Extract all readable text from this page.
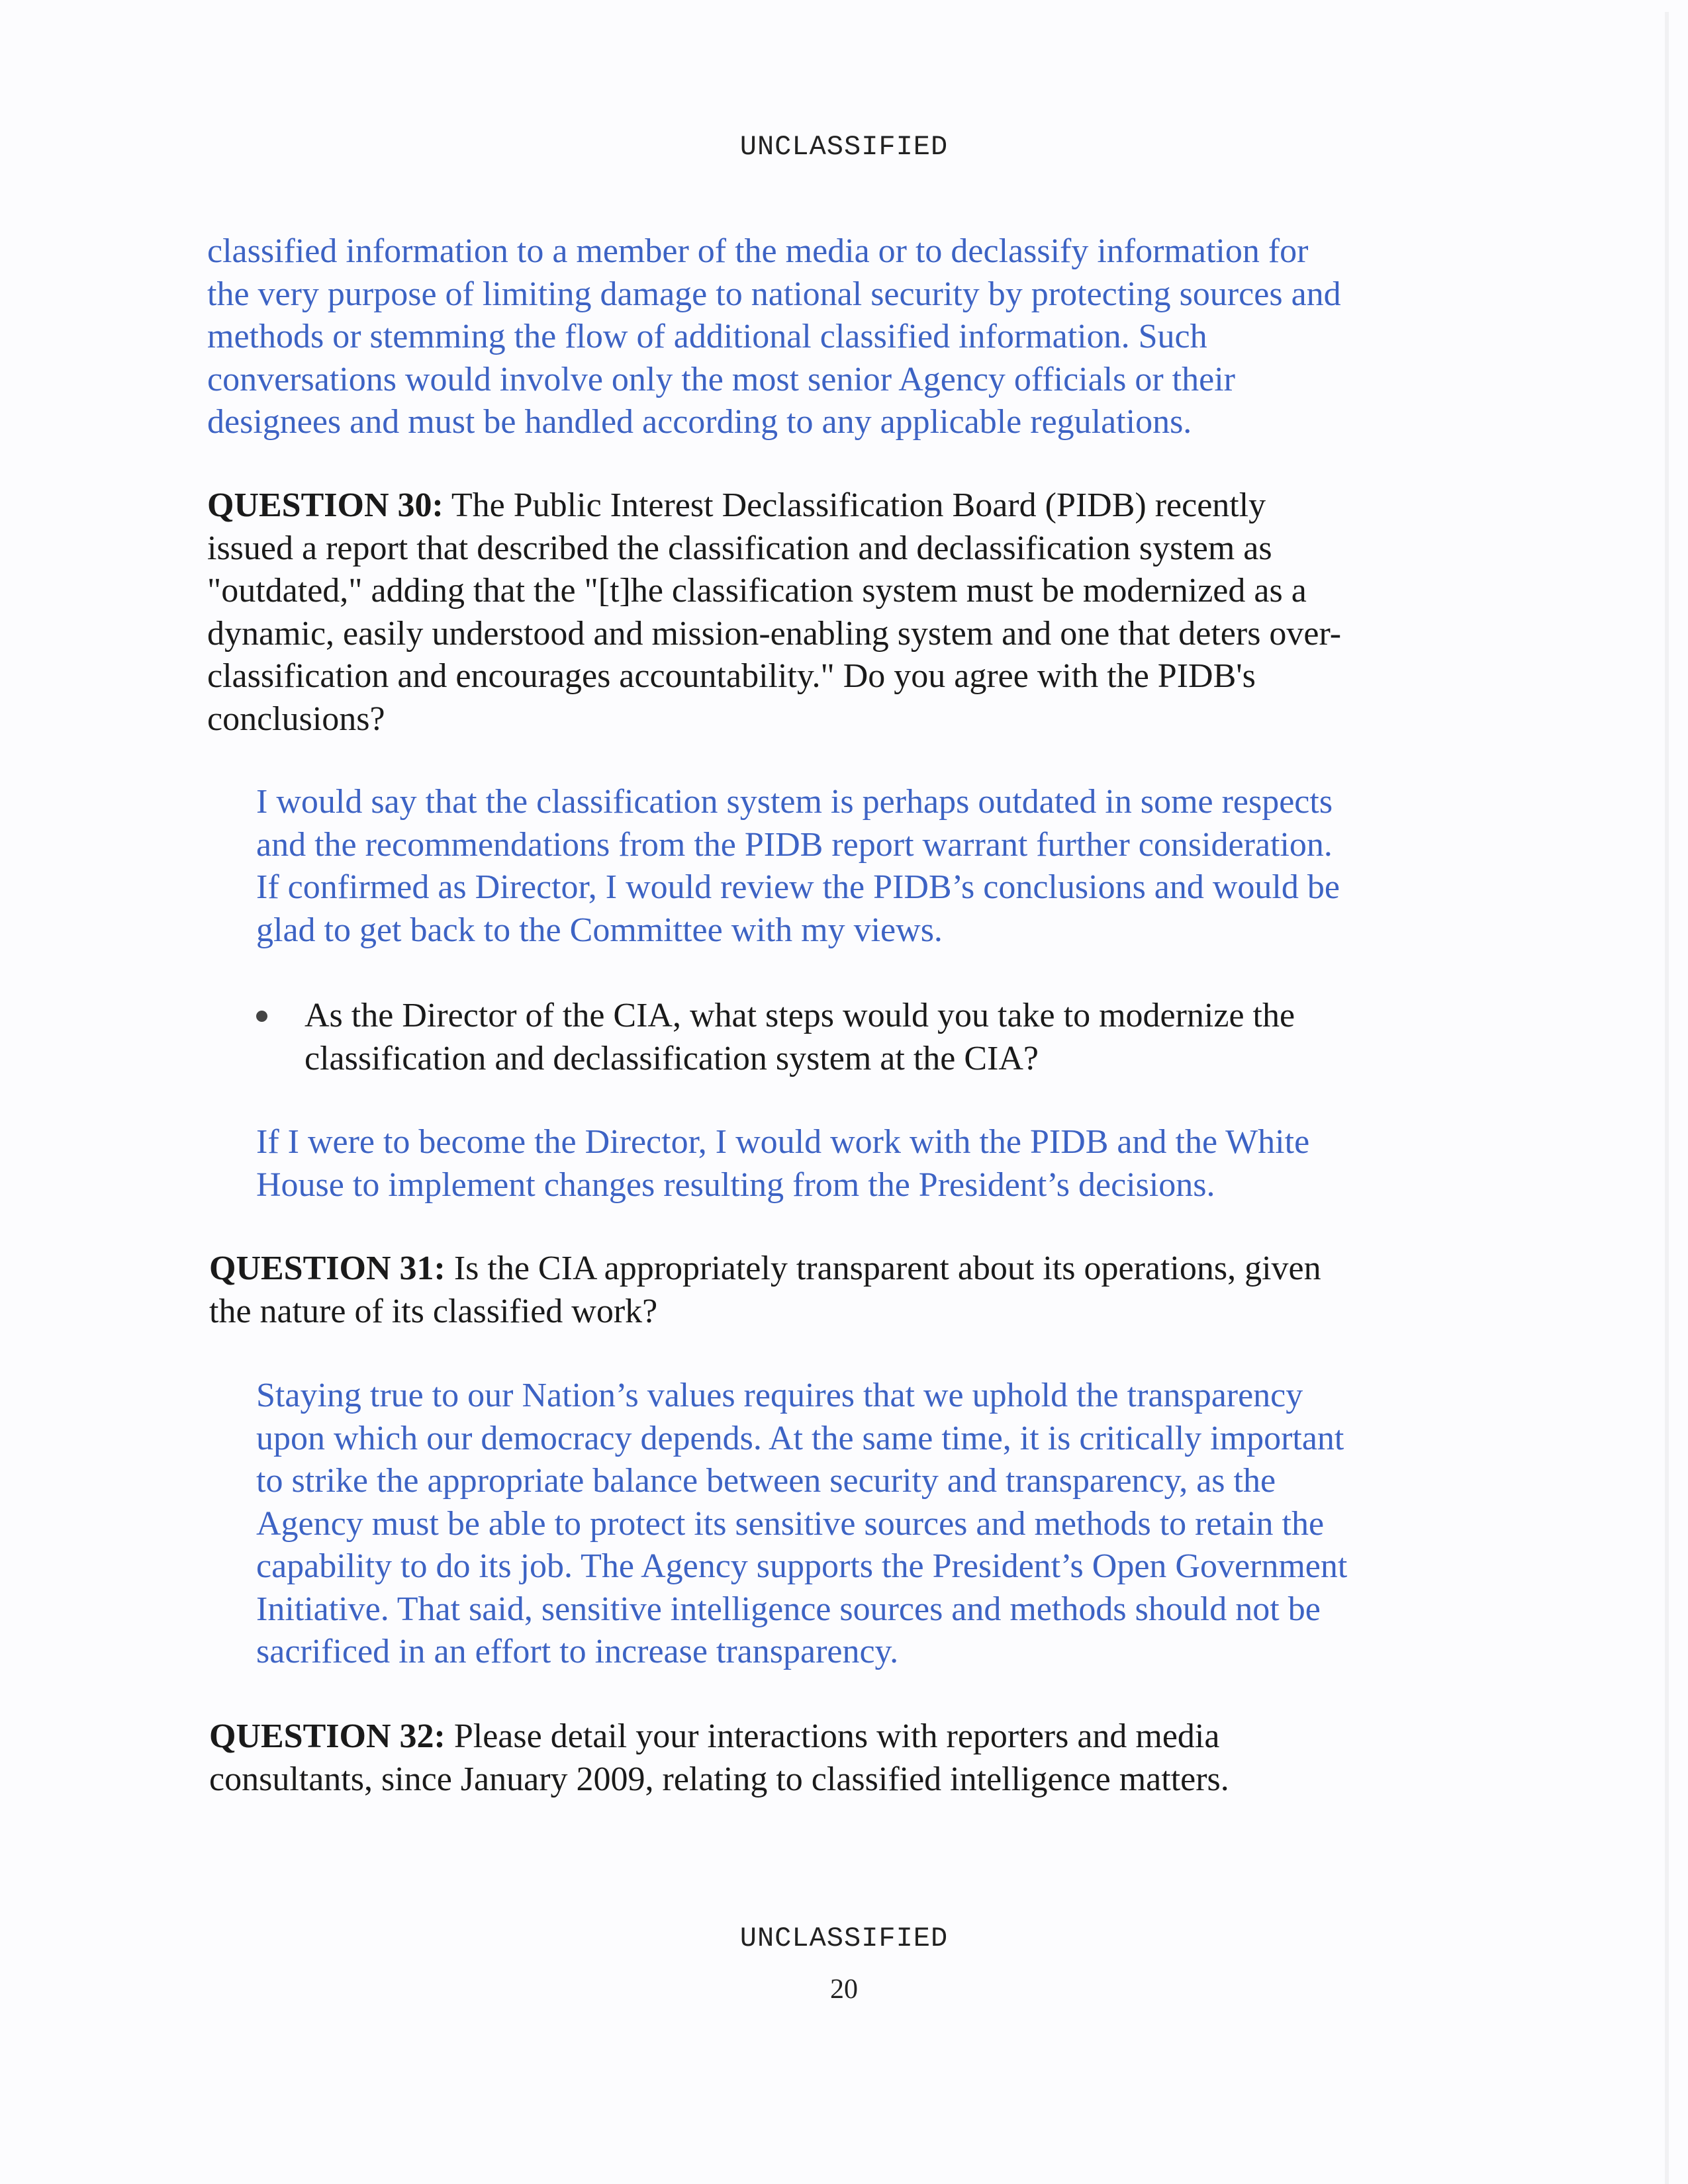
UNCLASSIFIED
classified information to a member of the media or to declassify information for
the very purpose of limiting damage to national security by protecting sources and
methods or stemming the flow of additional classified information. Such
conversations would involve only the most senior Agency officials or their
designees and must be handled according to any applicable regulations.
QUESTION 30: The Public Interest Declassification Board (PIDB) recently
issued a report that described the classification and declassification system as
"outdated," adding that the "[t]he classification system must be modernized as a
dynamic, easily understood and mission-enabling system and one that deters over-
classification and encourages accountability." Do you agree with the PIDB's
conclusions?
I would say that the classification system is perhaps outdated in some respects
and the recommendations from the PIDB report warrant further consideration.
If confirmed as Director, I would review the PIDB’s conclusions and would be
glad to get back to the Committee with my views.
As the Director of the CIA, what steps would you take to modernize the
classification and declassification system at the CIA?
If I were to become the Director, I would work with the PIDB and the White
House to implement changes resulting from the President’s decisions.
QUESTION 31: Is the CIA appropriately transparent about its operations, given
the nature of its classified work?
Staying true to our Nation’s values requires that we uphold the transparency
upon which our democracy depends. At the same time, it is critically important
to strike the appropriate balance between security and transparency, as the
Agency must be able to protect its sensitive sources and methods to retain the
capability to do its job. The Agency supports the President’s Open Government
Initiative. That said, sensitive intelligence sources and methods should not be
sacrificed in an effort to increase transparency.
QUESTION 32: Please detail your interactions with reporters and media
consultants, since January 2009, relating to classified intelligence matters.
UNCLASSIFIED
20
